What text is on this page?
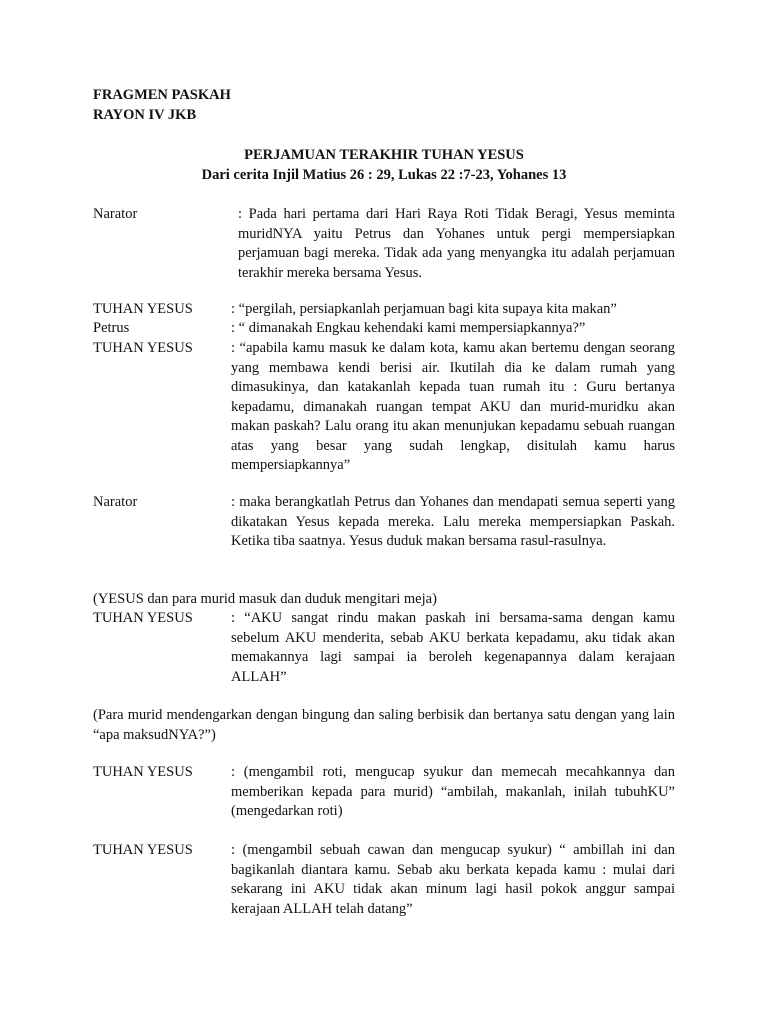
FRAGMEN PASKAH
RAYON IV JKB
PERJAMUAN TERAKHIR TUHAN YESUS
Dari cerita Injil Matius 26 : 29, Lukas 22 :7-23, Yohanes 13
Narator	: Pada hari pertama dari Hari Raya Roti Tidak Beragi, Yesus meminta muridNYA yaitu Petrus dan Yohanes untuk pergi mempersiapkan perjamuan bagi mereka. Tidak ada yang menyangka itu adalah perjamuan terakhir mereka bersama Yesus.
TUHAN YESUS	: “pergilah, persiapkanlah perjamuan bagi kita supaya kita makan”
Petrus	: “ dimanakah Engkau kehendaki kami mempersiapkannya?”
TUHAN YESUS	: “apabila kamu masuk ke dalam kota, kamu akan bertemu dengan seorang yang membawa kendi berisi air. Ikutilah dia ke dalam rumah yang dimasukinya, dan katakanlah kepada tuan rumah itu : Guru bertanya kepadamu, dimanakah ruangan tempat AKU dan murid-muridku akan makan paskah? Lalu orang itu akan menunjukan kepadamu sebuah ruangan atas yang besar yang sudah lengkap, disitulah kamu harus mempersiapkannya”
Narator	: maka berangkatlah Petrus dan Yohanes dan mendapati semua seperti yang dikatakan Yesus kepada mereka. Lalu mereka mempersiapkan Paskah. Ketika tiba saatnya. Yesus duduk makan bersama rasul-rasulnya.
(YESUS dan para murid masuk dan duduk mengitari meja)
TUHAN YESUS	: “AKU sangat rindu makan paskah ini bersama-sama dengan kamu sebelum AKU menderita, sebab AKU berkata kepadamu, aku tidak akan memakannya lagi sampai ia beroleh kegenapannya dalam kerajaan ALLAH”
(Para murid mendengarkan dengan bingung dan saling berbisik dan bertanya satu dengan yang lain “apa maksudNYA?”)
TUHAN YESUS	: (mengambil roti, mengucap syukur dan memecah mecahkannya dan memberikan kepada para murid) “ambilah, makanlah, inilah tubuhKU” (mengedarkan roti)
TUHAN YESUS	: (mengambil sebuah cawan dan mengucap syukur) “ ambillah ini dan bagikanlah diantara kamu. Sebab aku berkata kepada kamu : mulai dari sekarang ini AKU tidak akan minum lagi hasil pokok anggur sampai kerajaan ALLAH telah datang”
